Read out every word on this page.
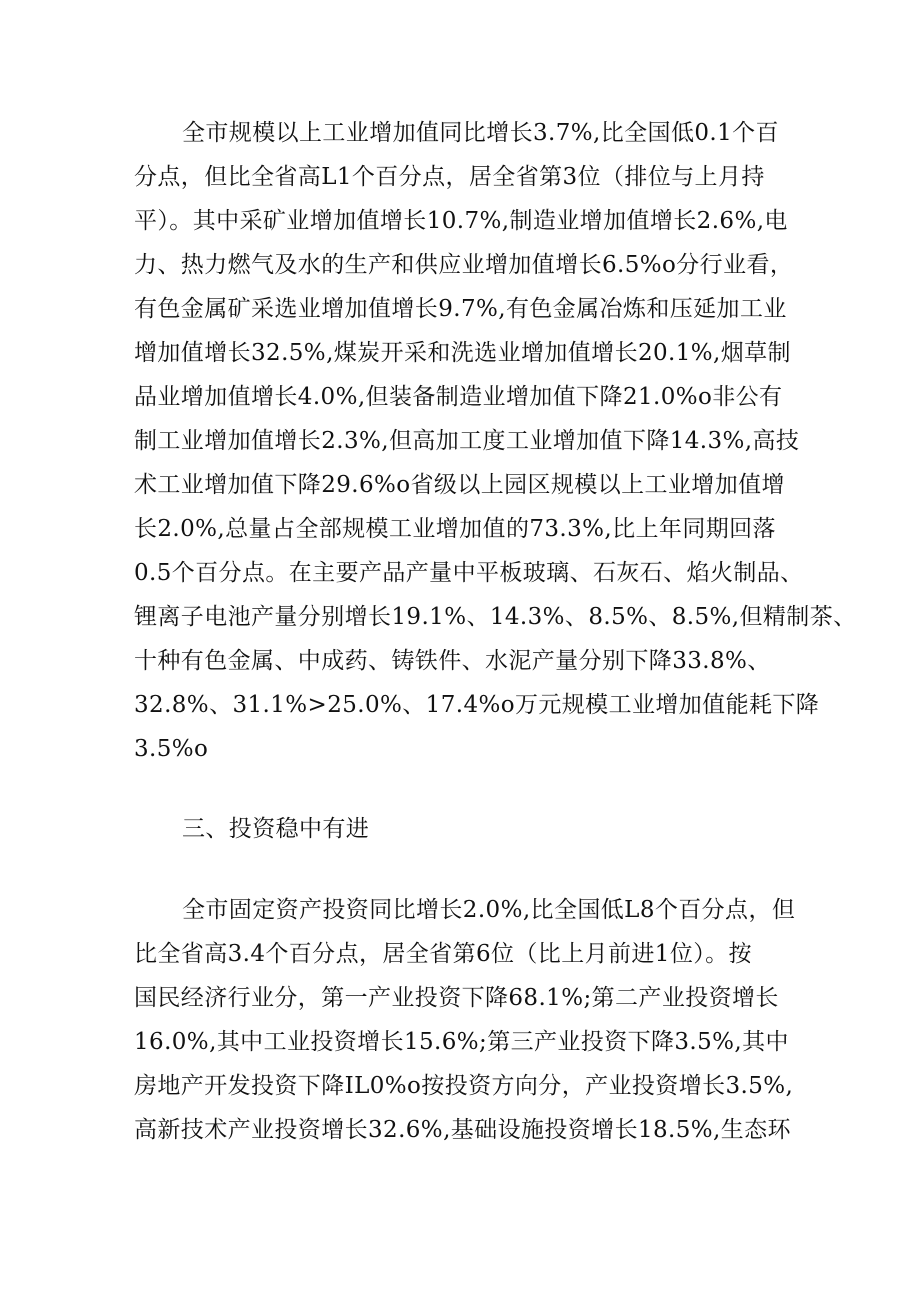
全市规模以上工业增加值同比增长3.7%,比全国低0.1个百
分点，但比全省高L1个百分点，居全省第3位（排位与上月持
平）。其中采矿业增加值增长10.7%,制造业增加值增长2.6%,电
力、热力燃气及水的生产和供应业增加值增长6.5%o分行业看，
有色金属矿采选业增加值增长9.7%,有色金属冶炼和压延加工业
增加值增长32.5%,煤炭开采和洗选业增加值增长20.1%,烟草制
品业增加值增长4.0%,但装备制造业增加值下降21.0%o非公有
制工业增加值增长2.3%,但高加工度工业增加值下降14.3%,高技
术工业增加值下降29.6%o省级以上园区规模以上工业增加值增
长2.0%,总量占全部规模工业增加值的73.3%,比上年同期回落
0.5个百分点。在主要产品产量中平板玻璃、石灰石、焰火制品、
锂离子电池产量分别增长19.1%、14.3%、8.5%、8.5%,但精制茶、
十种有色金属、中成药、铸铁件、水泥产量分别下降33.8%、
32.8%、31.1%>25.0%、17.4%o万元规模工业增加值能耗下降
3.5%o
三、投资稳中有进
全市固定资产投资同比增长2.0%,比全国低L8个百分点，但
比全省高3.4个百分点，居全省第6位（比上月前进1位）。按
国民经济行业分，第一产业投资下降68.1%;第二产业投资增长
16.0%,其中工业投资增长15.6%;第三产业投资下降3.5%,其中
房地产开发投资下降IL0%o按投资方向分，产业投资增长3.5%,
高新技术产业投资增长32.6%,基础设施投资增长18.5%,生态环
